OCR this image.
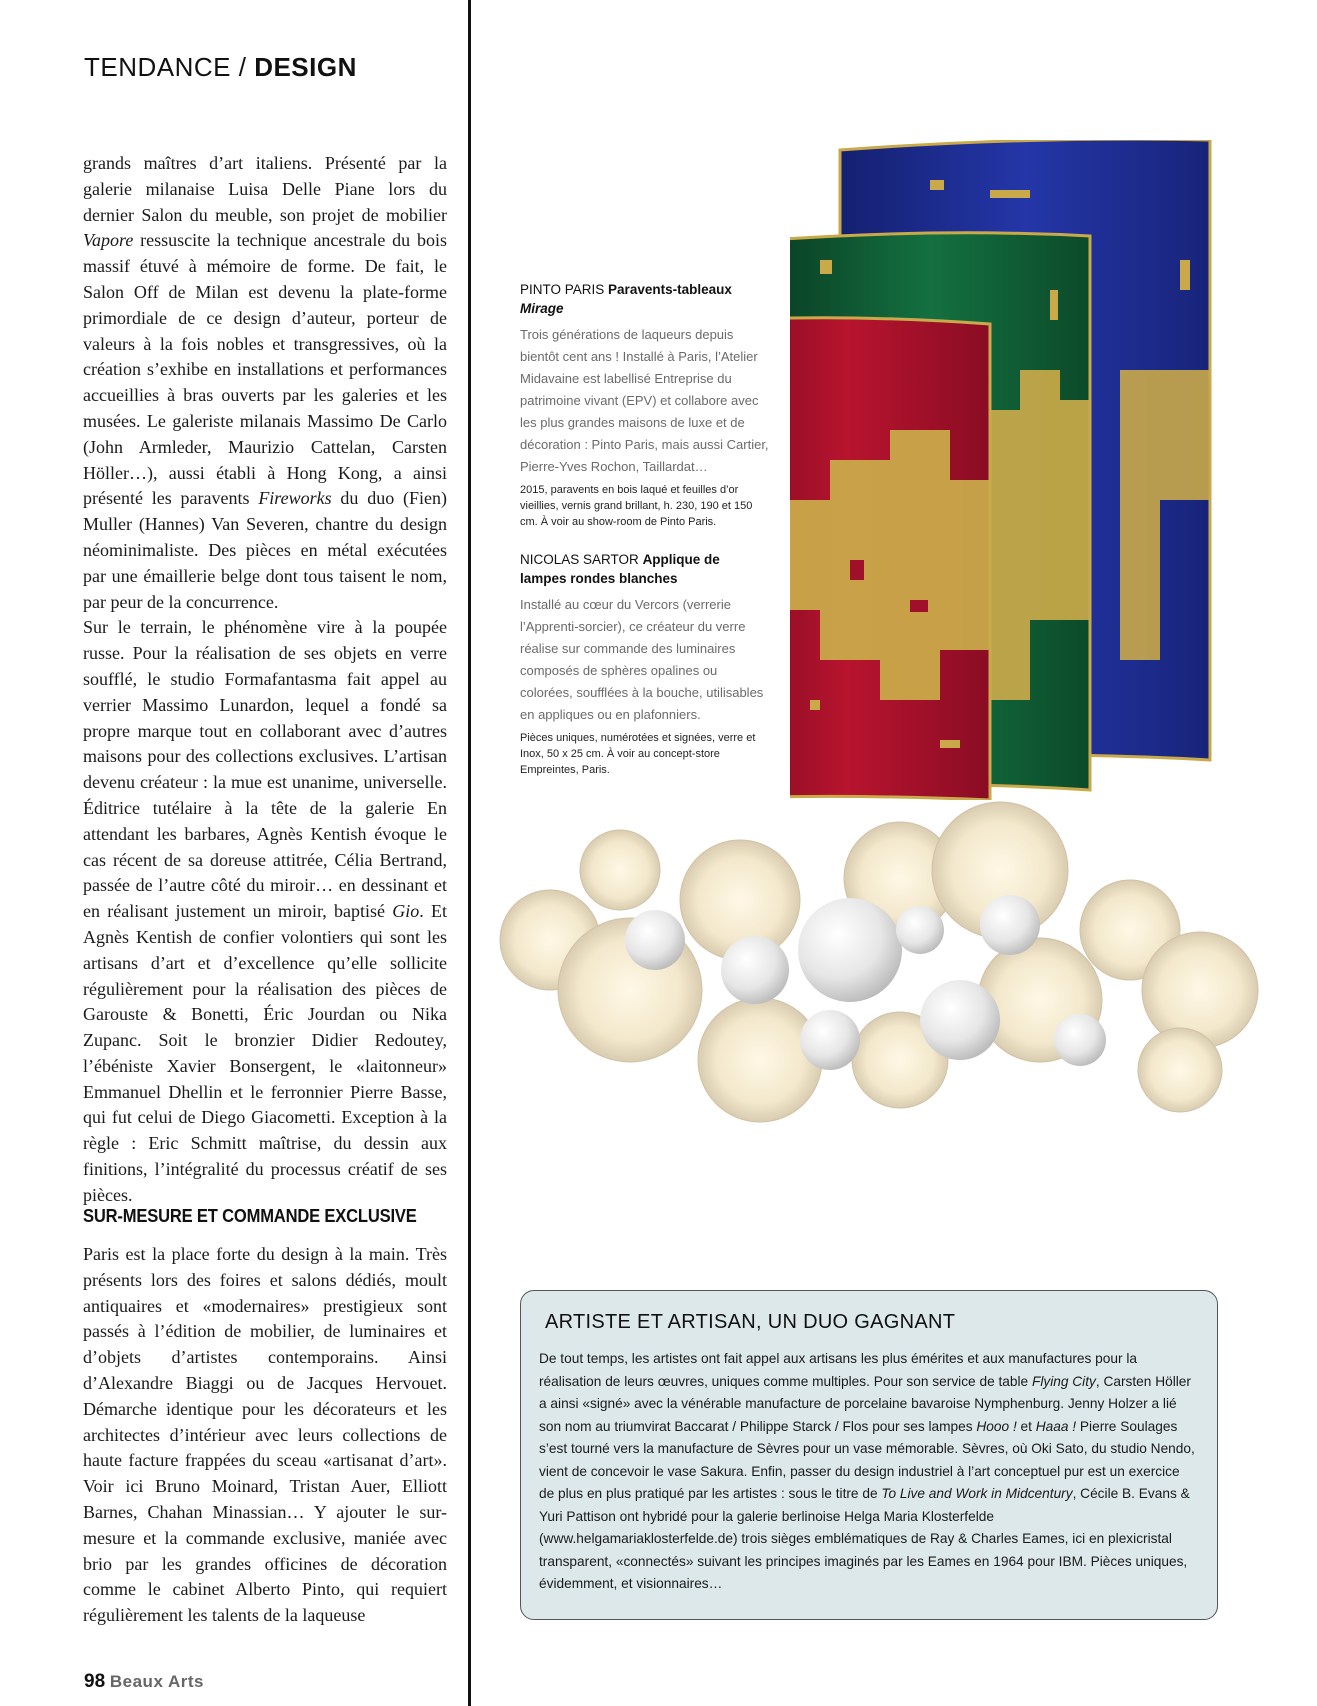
TENDANCE / DESIGN

grands maîtres d’art italiens. Présenté par la galerie milanaise Luisa Delle Piane lors du dernier Salon du meuble, son projet de mobilier Vapore ressuscite la technique ancestrale du bois massif étuvé à mémoire de forme. De fait, le Salon Off de Milan est devenu la plate-forme primordiale de ce design d’auteur, porteur de valeurs à la fois nobles et transgressives, où la création s’exhibe en installations et performances accueillies à bras ouverts par les galeries et les musées. Le galeriste milanais Massimo De Carlo (John Armleder, Maurizio Cattelan, Carsten Höller…), aussi établi à Hong Kong, a ainsi présenté les paravents Fireworks du duo (Fien) Muller (Hannes) Van Severen, chantre du design néominimaliste. Des pièces en métal exécutées par une émaillerie belge dont tous taisent le nom, par peur de la concurrence.

Sur le terrain, le phénomène vire à la poupée russe. Pour la réalisation de ses objets en verre soufflé, le studio Formafantasma fait appel au verrier Massimo Lunardon, lequel a fondé sa propre marque tout en collaborant avec d’autres maisons pour des collections exclusives. L’artisan devenu créateur : la mue est unanime, universelle. Éditrice tutélaire à la tête de la galerie En attendant les barbares, Agnès Kentish évoque le cas récent de sa doreuse attitrée, Célia Bertrand, passée de l’autre côté du miroir… en dessinant et en réalisant justement un miroir, baptisé Gio. Et Agnès Kentish de confier volontiers qui sont les artisans d’art et d’excellence qu’elle sollicite régulièrement pour la réalisation des pièces de Garouste & Bonetti, Éric Jourdan ou Nika Zupanc. Soit le bronzier Didier Redoutey, l’ébéniste Xavier Bonsergent, le «laitonneur» Emmanuel Dhellin et le ferronnier Pierre Basse, qui fut celui de Diego Giacometti. Exception à la règle : Eric Schmitt maîtrise, du dessin aux finitions, l’intégralité du processus créatif de ses pièces.

SUR-MESURE ET COMMANDE EXCLUSIVE

Paris est la place forte du design à la main. Très présents lors des foires et salons dédiés, moult antiquaires et «modernaires» prestigieux sont passés à l’édition de mobilier, de luminaires et d’objets d’artistes contemporains. Ainsi d’Alexandre Biaggi ou de Jacques Hervouet. Démarche identique pour les décorateurs et les architectes d’intérieur avec leurs collections de haute facture frappées du sceau «artisanat d’art». Voir ici Bruno Moinard, Tristan Auer, Elliott Barnes, Chahan Minassian… Y ajouter le sur-mesure et la commande exclusive, maniée avec brio par les grandes officines de décoration comme le cabinet Alberto Pinto, qui requiert régulièrement les talents de la laqueuse

98 Beaux Arts
PINTO PARIS Paravents-tableaux Mirage
Trois générations de laqueurs depuis bientôt cent ans ! Installé à Paris, l’Atelier Midavaine est labellisé Entreprise du patrimoine vivant (EPV) et collabore avec les plus grandes maisons de luxe et de décoration : Pinto Paris, mais aussi Cartier, Pierre-Yves Rochon, Taillardat…
2015, paravents en bois laqué et feuilles d’or vieillies, vernis grand brillant, h. 230, 190 et 150 cm. À voir au show-room de Pinto Paris.
NICOLAS SARTOR Applique de lampes rondes blanches
Installé au cœur du Vercors (verrerie l’Apprenti-sorcier), ce créateur du verre réalise sur commande des luminaires composés de sphères opalines ou colorées, soufflées à la bouche, utilisables en appliques ou en plafonniers.
Pièces uniques, numérotées et signées, verre et Inox, 50 x 25 cm. À voir au concept-store Empreintes, Paris.
ARTISTE ET ARTISAN, UN DUO GAGNANT
De tout temps, les artistes ont fait appel aux artisans les plus émérites et aux manufactures pour la réalisation de leurs œuvres, uniques comme multiples. Pour son service de table Flying City, Carsten Höller a ainsi «signé» avec la vénérable manufacture de porcelaine bavaroise Nymphenburg. Jenny Holzer a lié son nom au triumvirat Baccarat / Philippe Starck / Flos pour ses lampes Hooo ! et Haaa ! Pierre Soulages s’est tourné vers la manufacture de Sèvres pour un vase mémorable. Sèvres, où Oki Sato, du studio Nendo, vient de concevoir le vase Sakura. Enfin, passer du design industriel à l’art conceptuel pur est un exercice de plus en plus pratiqué par les artistes : sous le titre de To Live and Work in Midcentury, Cécile B. Evans & Yuri Pattison ont hybridé pour la galerie berlinoise Helga Maria Klosterfelde (www.helgamariaklosterfelde.de) trois sièges emblématiques de Ray & Charles Eames, ici en plexicristal transparent, «connectés» suivant les principes imaginés par les Eames en 1964 pour IBM. Pièces uniques, évidemment, et visionnaires…
